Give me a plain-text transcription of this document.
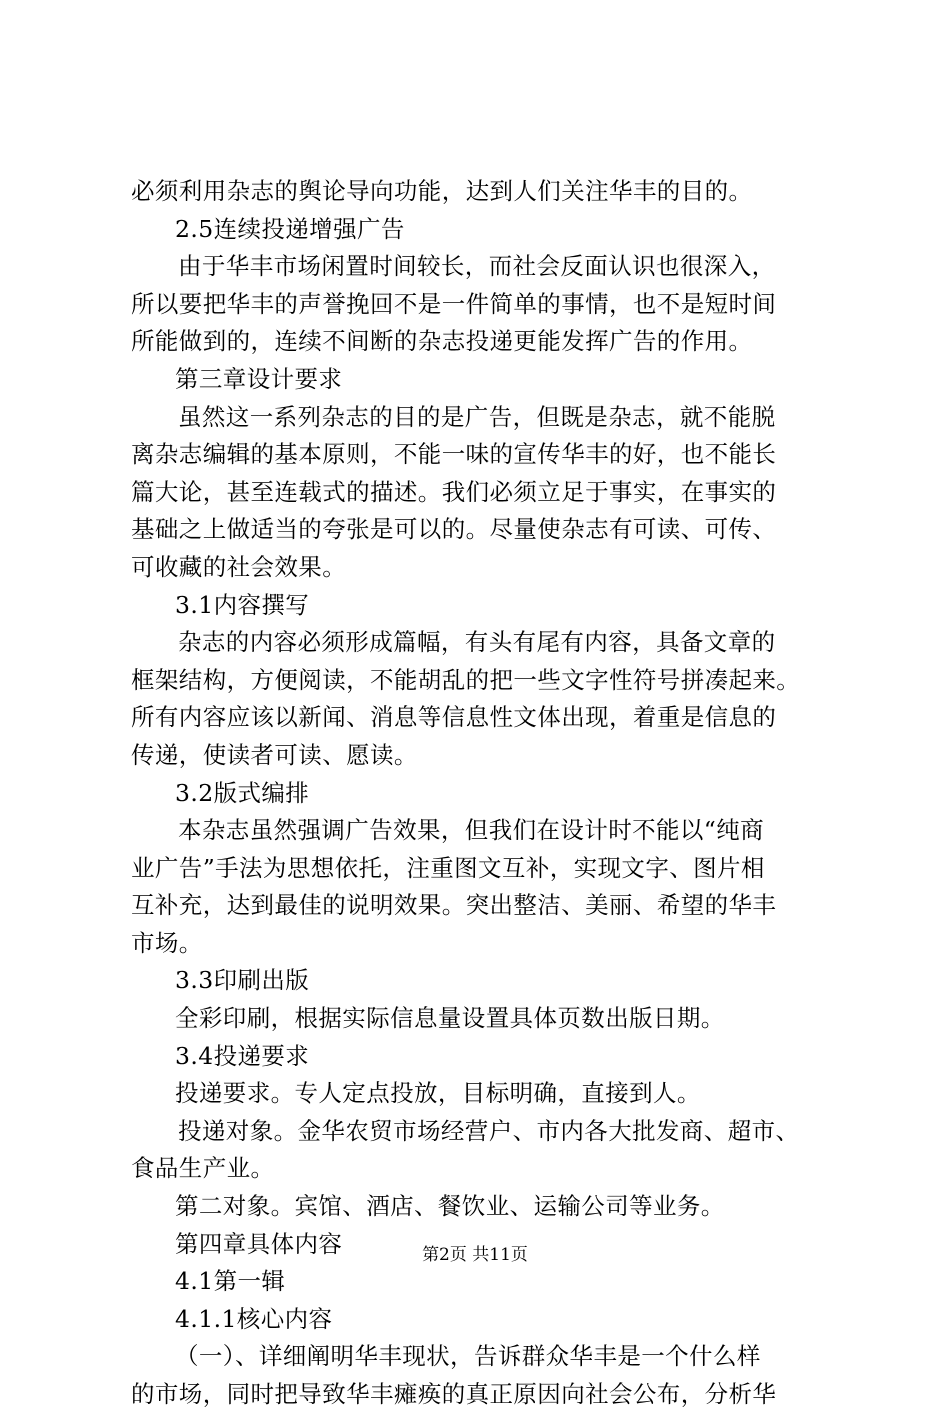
必须利用杂志的舆论导向功能，达到人们关注华丰的目的。
2.5连续投递增强广告
由于华丰市场闲置时间较长，而社会反面认识也很深入，
所以要把华丰的声誉挽回不是一件简单的事情，也不是短时间
所能做到的，连续不间断的杂志投递更能发挥广告的作用。
第三章设计要求
虽然这一系列杂志的目的是广告，但既是杂志，就不能脱
离杂志编辑的基本原则，不能一味的宣传华丰的好，也不能长
篇大论，甚至连载式的描述。我们必须立足于事实，在事实的
基础之上做适当的夸张是可以的。尽量使杂志有可读、可传、
可收藏的社会效果。
3.1内容撰写
杂志的内容必须形成篇幅，有头有尾有内容，具备文章的
框架结构，方便阅读，不能胡乱的把一些文字性符号拼凑起来。
所有内容应该以新闻、消息等信息性文体出现，着重是信息的
传递，使读者可读、愿读。
3.2版式编排
本杂志虽然强调广告效果，但我们在设计时不能以“纯商
业广告”手法为思想依托，注重图文互补，实现文字、图片相
互补充，达到最佳的说明效果。突出整洁、美丽、希望的华丰
市场。
3.3印刷出版
全彩印刷，根据实际信息量设置具体页数出版日期。
3.4投递要求
投递要求。专人定点投放，目标明确，直接到人。
投递对象。金华农贸市场经营户、市内各大批发商、超市、
食品生产业。
第二对象。宾馆、酒店、餐饮业、运输公司等业务。
第四章具体内容
4.1第一辑
4.1.1核心内容
（一）、详细阐明华丰现状，告诉群众华丰是一个什么样
的市场，同时把导致华丰瘫痪的真正原因向社会公布，分析华
第2页 共11页
